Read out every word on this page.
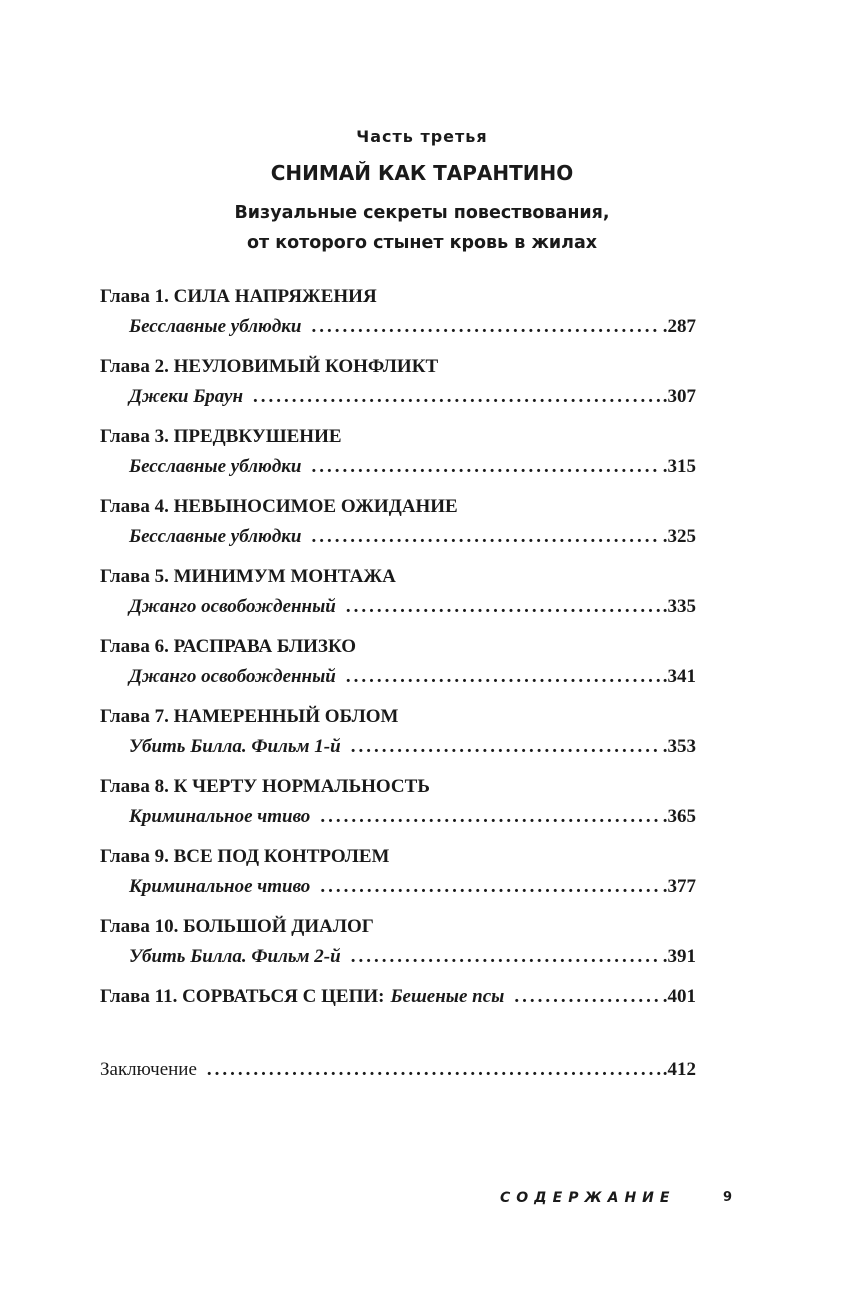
Часть третья

СНИМАЙ КАК ТАРАНТИНО

Визуальные секреты повествования,
от которого стынет кровь в жилах

Глава 1. СИЛА НАПРЯЖЕНИЯ
Бесславные ублюдки .....	.287
Глава 2. НЕУЛОВИМЫЙ КОНФЛИКТ
Джеки Браун .....	.307
Глава 3. ПРЕДВКУШЕНИЕ
Бесславные ублюдки .....	.315
Глава 4. НЕВЫНОСИМОЕ ОЖИДАНИЕ
Бесславные ублюдки .....	.325
Глава 5. МИНИМУМ МОНТАЖА
Джанго освобожденный .....	.335
Глава 6. РАСПРАВА БЛИЗКО
Джанго освобожденный .....	.341
Глава 7. НАМЕРЕННЫЙ ОБЛОМ
Убить Билла. Фильм 1-й .....	.353
Глава 8. К ЧЕРТУ НОРМАЛЬНОСТЬ
Криминальное чтиво .....	.365
Глава 9. ВСЕ ПОД КОНТРОЛЕМ
Криминальное чтиво .....	.377
Глава 10. БОЛЬШОЙ ДИАЛОГ
Убить Билла. Фильм 2-й .....	.391
Глава 11. СОРВАТЬСЯ С ЦЕПИ: Бешеные псы .....	.401
Заключение .....	.412
СОДЕРЖАНИЕ	9
